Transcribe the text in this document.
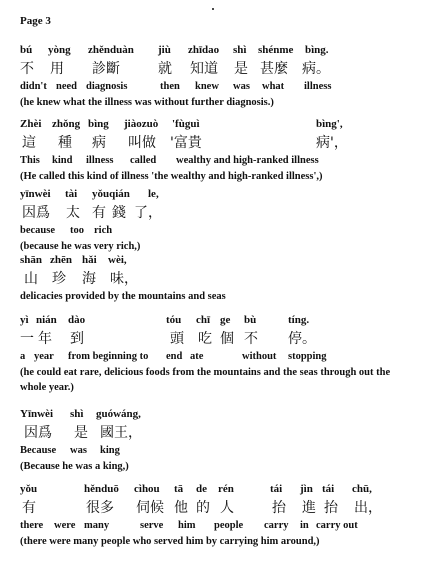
Page 3
bú yòng zhěnduàn jiù zhīdao shì shénme bìng.
不 用 診斷	就 知道 是 甚麼 病。
didn't need diagnosis	then knew was what illness
(he knew what the illness was without further diagnosis.)
Zhèi zhǒng bìng jiàozuò 'fùguì	bìng',
這 種 病 叫做 '富貴	病'，
This kind illness called wealthy and high-ranked illness
(He called this kind of illness 'the wealthy and high-ranked illness',)
yīnwèi tài yǒuqián le,
因爲 太 有 錢 了，
because too rich
(because he was very rich,)
shān zhēn hǎi wèi,
山 珍 海 味，
delicacies provided by the mountains and seas
yì nián dào	tóu chī ge bù	tíng.
一 年 到	頭 吃 個 不 停。
a year from beginning to end ate	without stopping
(he could eat rare, delicious foods from the mountains and the seas through out the whole year.)
Yīnwèi shì guówáng,
因爲 是 國王，
Because was king
(Because he was a king,)
yǒu	hěnduō cìhou tā de rén	tái jìn tái chū,
有	很多 伺候 他 的 人	抬 進 抬 出，
there were many	serve him people carry in carry out
(there were many people who served him by carrying him around,)
